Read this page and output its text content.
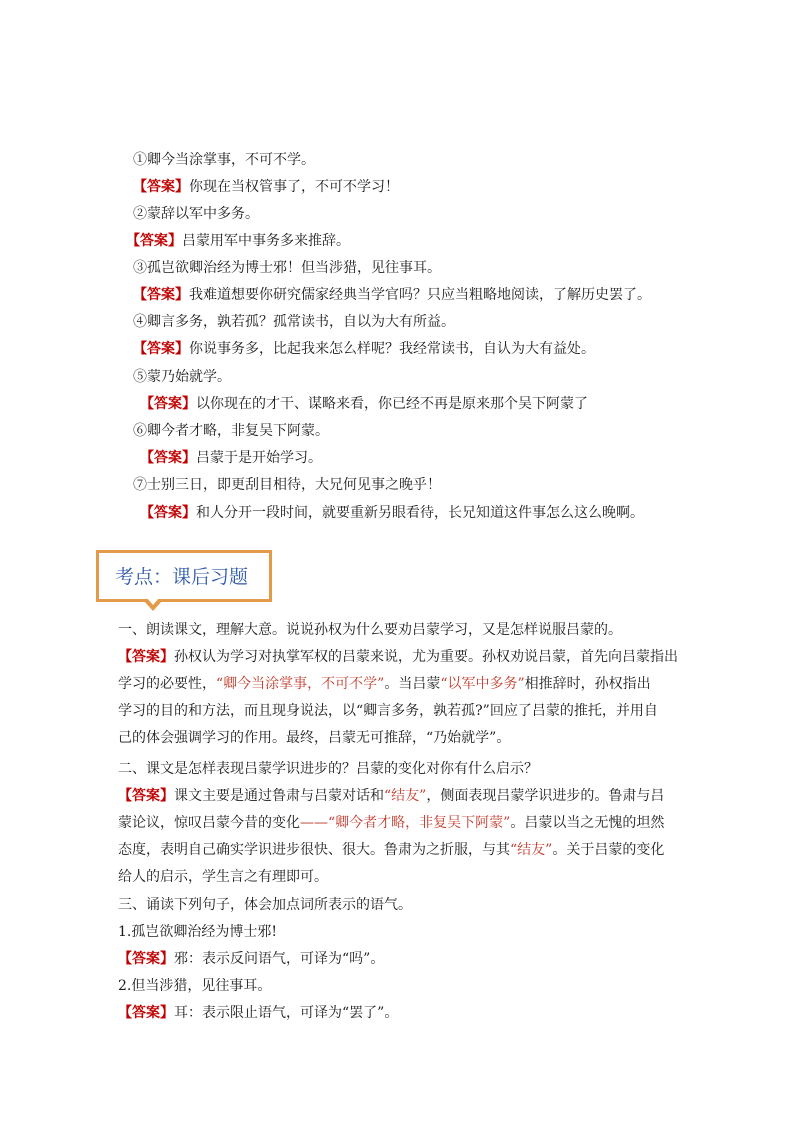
①卿今当涂掌事，不可不学。
【答案】你现在当权管事了，不可不学习！
②蒙辞以军中多务。
【答案】吕蒙用军中事务多来推辞。
③孤岂欲卿治经为博士邪！但当涉猎，见往事耳。
【答案】我难道想要你研究儒家经典当学官吗？只应当粗略地阅读，了解历史罢了。
④卿言多务，孰若孤？孤常读书，自以为大有所益。
【答案】你说事务多，比起我来怎么样呢？我经常读书，自认为大有益处。
⑤蒙乃始就学。
【答案】以你现在的才干、谋略来看，你已经不再是原来那个吴下阿蒙了
⑥卿今者才略，非复吴下阿蒙。
【答案】吕蒙于是开始学习。
⑦士别三日，即更刮目相待，大兄何见事之晚乎！
【答案】和人分开一段时间，就要重新另眼看待，长兄知道这件事怎么这么晚啊。
考点：课后习题
一、朗读课文，理解大意。说说孙权为什么要劝吕蒙学习，又是怎样说服吕蒙的。
【答案】孙权认为学习对执掌军权的吕蒙来说，尤为重要。孙权劝说吕蒙，首先向吕蒙指出
学习的必要性，“卿今当涂掌事，不可不学”。当吕蒙“以军中多务”相推辞时，孙权指出
学习的目的和方法，而且现身说法，以“卿言多务，孰若孤?”回应了吕蒙的推托，并用自
己的体会强调学习的作用。最终，吕蒙无可推辞，“乃始就学”。
二、课文是怎样表现吕蒙学识进步的？吕蒙的变化对你有什么启示？
【答案】课文主要是通过鲁肃与吕蒙对话和“结友”，侧面表现吕蒙学识进步的。鲁肃与吕
蒙论议，惊叹吕蒙今昔的变化——“卿今者才略，非复吴下阿蒙”。吕蒙以当之无愧的坦然
态度，表明自己确实学识进步很快、很大。鲁肃为之折服，与其“结友”。关于吕蒙的变化
给人的启示，学生言之有理即可。
三、诵读下列句子，体会加点词所表示的语气。
1.孤岂欲卿治经为博士邪!
【答案】邪：表示反问语气，可译为“吗”。
2.但当涉猎，见往事耳。
【答案】耳：表示限止语气，可译为“罢了”。
